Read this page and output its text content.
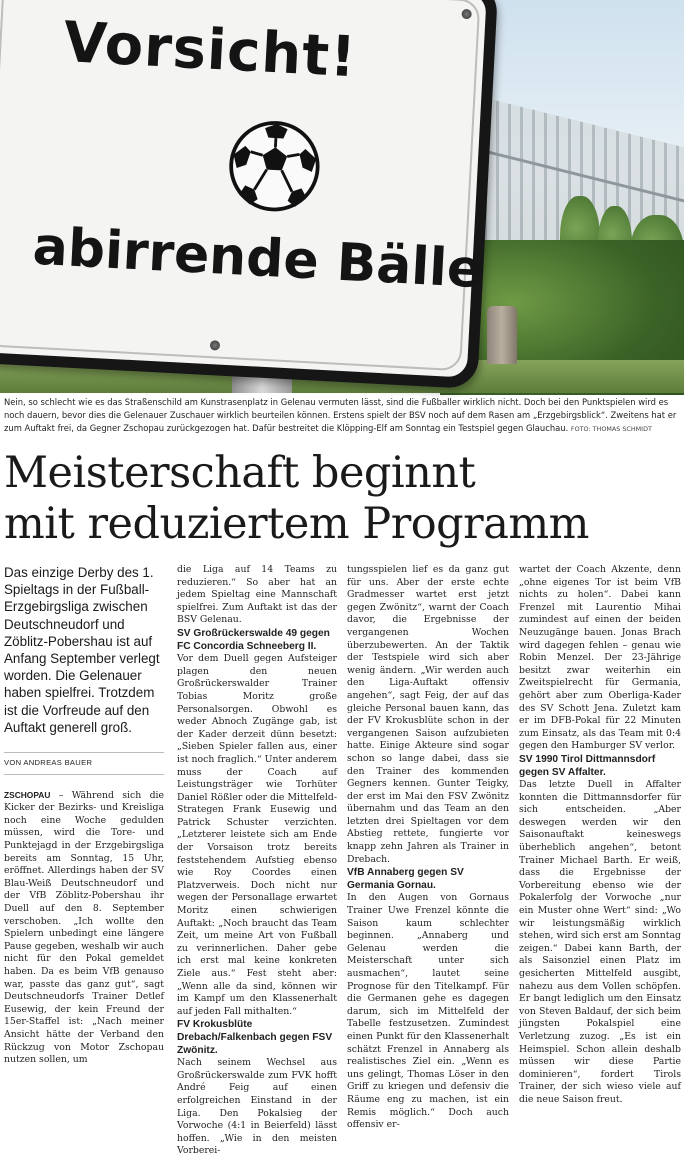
Vorsicht!
abirrende Bälle
Nein, so schlecht wie es das Straßenschild am Kunstrasenplatz in Gelenau vermuten lässt, sind die Fußballer wirklich nicht. Doch bei den Punktspielen wird es noch dauern, bevor dies die Gelenauer Zuschauer wirklich beurteilen können. Erstens spielt der BSV noch auf dem Rasen am „Erzgebirgsblick“. Zweitens hat er zum Auftakt frei, da Gegner Zschopau zurückgezogen hat. Dafür bestreitet die Klöpping-Elf am Sonntag ein Testspiel gegen Glauchau. FOTO: THOMAS SCHMIDT
Meisterschaft beginnt
mit reduziertem Programm
Das einzige Derby des 1. Spieltags in der Fußball-Erzgebirgsliga zwischen Deutschneudorf und Zöblitz-Pobershau ist auf Anfang September verlegt worden. Die Gelenauer haben spielfrei. Trotzdem ist die Vorfreude auf den Auftakt generell groß.
VON ANDREAS BAUER

ZSCHOPAU – Während sich die Kicker der Bezirks- und Kreisliga noch eine Woche gedulden müssen, wird die Tore- und Punktejagd in der Erzgebirgsliga bereits am Sonntag, 15 Uhr, eröffnet. Allerdings haben der SV Blau-Weiß Deutschneudorf und der VfB Zöblitz-Pobershau ihr Duell auf den 8. September verschoben. „Ich wollte den Spielern unbedingt eine längere Pause gegeben, weshalb wir auch nicht für den Pokal gemeldet haben. Da es beim VfB genauso war, passte das ganz gut“, sagt Deutschneudorfs Trainer Detlef Eusewig, der kein Freund der 15er-Staffel ist: „Nach meiner Ansicht hätte der Verband den Rückzug von Motor Zschopau nutzen sollen, um

die Liga auf 14 Teams zu reduzieren.“ So aber hat an jedem Spieltag eine Mannschaft spielfrei. Zum Auftakt ist das der BSV Gelenau.

SV Großrückerswalde 49 gegen FC Concordia Schneeberg II.

Vor dem Duell gegen Aufsteiger plagen den neuen Großrückerswalder Trainer Tobias Moritz große Personalsorgen. Obwohl es weder Abnoch Zugänge gab, ist der Kader derzeit dünn besetzt: „Sieben Spieler fallen aus, einer ist noch fraglich.“ Unter anderem muss der Coach auf Leistungsträger wie Torhüter Daniel Rößler oder die Mittelfeld-Strategen Frank Eusewig und Patrick Schuster verzichten. „Letzterer leistete sich am Ende der Vorsaison trotz bereits feststehendem Aufstieg ebenso wie Roy Coordes einen Platzverweis. Doch nicht nur wegen der Personallage erwartet Moritz einen schwierigen Auftakt: „Noch braucht das Team Zeit, um meine Art von Fußball zu verinnerlichen. Daher gebe ich erst mal keine konkreten Ziele aus.“ Fest steht aber: „Wenn alle da sind, können wir im Kampf um den Klassenerhalt auf jeden Fall mithalten.“

FV Krokusblüte Drebach/Falkenbach gegen FSV Zwönitz.

Nach seinem Wechsel aus Großrückerswalde zum FVK hofft André Feig auf einen erfolgreichen Einstand in der Liga. Den Pokalsieg der Vorwoche (4:1 in Beierfeld) lässt hoffen. „Wie in den meisten Vorberei-

tungsspielen lief es da ganz gut für uns. Aber der erste echte Gradmesser wartet erst jetzt gegen Zwönitz“, warnt der Coach davor, die Ergebnisse der vergangenen Wochen überzubewerten. An der Taktik der Testspiele wird sich aber wenig ändern. „Wir werden auch den Liga-Auftakt offensiv angehen“, sagt Feig, der auf das gleiche Personal bauen kann, das der FV Krokusblüte schon in der vergangenen Saison aufzubieten hatte. Einige Akteure sind sogar schon so lange dabei, dass sie den Trainer des kommenden Gegners kennen. Gunter Teigky, der erst im Mai den FSV Zwönitz übernahm und das Team an den letzten drei Spieltagen vor dem Abstieg rettete, fungierte vor knapp zehn Jahren als Trainer in Drebach.

VfB Annaberg gegen SV Germania Gornau.

In den Augen von Gornaus Trainer Uwe Frenzel könnte die Saison kaum schlechter beginnen. „Annaberg und Gelenau werden die Meisterschaft unter sich ausmachen“, lautet seine Prognose für den Titelkampf. Für die Germanen gehe es dagegen darum, sich im Mittelfeld der Tabelle festzusetzen. Zumindest einen Punkt für den Klassenerhalt schätzt Frenzel in Annaberg als realistisches Ziel ein. „Wenn es uns gelingt, Thomas Löser in den Griff zu kriegen und defensiv die Räume eng zu machen, ist ein Remis möglich.“ Doch auch offensiv er-

wartet der Coach Akzente, denn „ohne eigenes Tor ist beim VfB nichts zu holen“. Dabei kann Frenzel mit Laurentio Mihai zumindest auf einen der beiden Neuzugänge bauen. Jonas Brach wird dagegen fehlen – genau wie Robin Menzel. Der 23-Jährige besitzt zwar weiterhin ein Zweitspielrecht für Germania, gehört aber zum Oberliga-Kader des SV Schott Jena. Zuletzt kam er im DFB-Pokal für 22 Minuten zum Einsatz, als das Team mit 0:4 gegen den Hamburger SV verlor.

SV 1990 Tirol Dittmannsdorf gegen SV Affalter.

Das letzte Duell in Affalter konnten die Dittmannsdorfer für sich entscheiden. „Aber deswegen werden wir den Saisonauftakt keineswegs überheblich angehen“, betont Trainer Michael Barth. Er weiß, dass die Ergebnisse der Vorbereitung ebenso wie der Pokalerfolg der Vorwoche „nur ein Muster ohne Wert“ sind: „Wo wir leistungsmäßig wirklich stehen, wird sich erst am Sonntag zeigen.“ Dabei kann Barth, der als Saisonziel einen Platz im gesicherten Mittelfeld ausgibt, nahezu aus dem Vollen schöpfen. Er bangt lediglich um den Einsatz von Steven Baldauf, der sich beim jüngsten Pokalspiel eine Verletzung zuzog. „Es ist ein Heimspiel. Schon allein deshalb müssen wir diese Partie dominieren“, fordert Tirols Trainer, der sich wieso viele auf die neue Saison freut.
